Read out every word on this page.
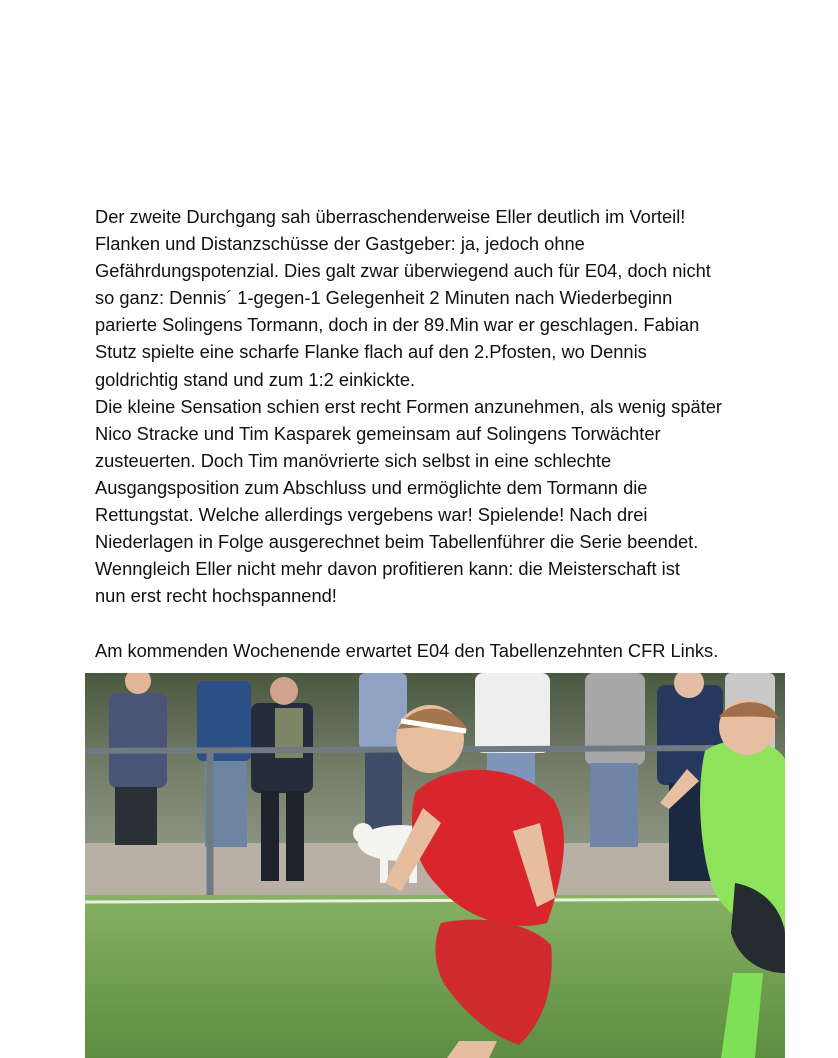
Der zweite Durchgang sah überraschenderweise Eller deutlich im Vorteil!
Flanken und Distanzschüsse der Gastgeber: ja, jedoch ohne
Gefährdungspotenzial. Dies galt zwar überwiegend auch für E04, doch nicht
so ganz: Dennis´ 1-gegen-1 Gelegenheit 2 Minuten nach Wiederbeginn
parierte Solingens Tormann, doch in der 89.Min war er geschlagen. Fabian
Stutz spielte eine scharfe Flanke flach auf den 2.Pfosten, wo Dennis
goldrichtig stand und zum 1:2 einkickte.
Die kleine Sensation schien erst recht Formen anzunehmen, als wenig später
Nico Stracke und Tim Kasparek gemeinsam auf Solingens Torwächter
zusteuerten. Doch Tim manövrierte sich selbst in eine schlechte
Ausgangsposition zum Abschluss und ermöglichte dem Tormann die
Rettungstat. Welche allerdings vergebens war! Spielende! Nach drei
Niederlagen in Folge ausgerechnet beim Tabellenführer die Serie beendet.
Wenngleich Eller nicht mehr davon profitieren kann: die Meisterschaft ist
nun erst recht hochspannend!
Am kommenden Wochenende erwartet E04 den Tabellenzehnten CFR Links.
